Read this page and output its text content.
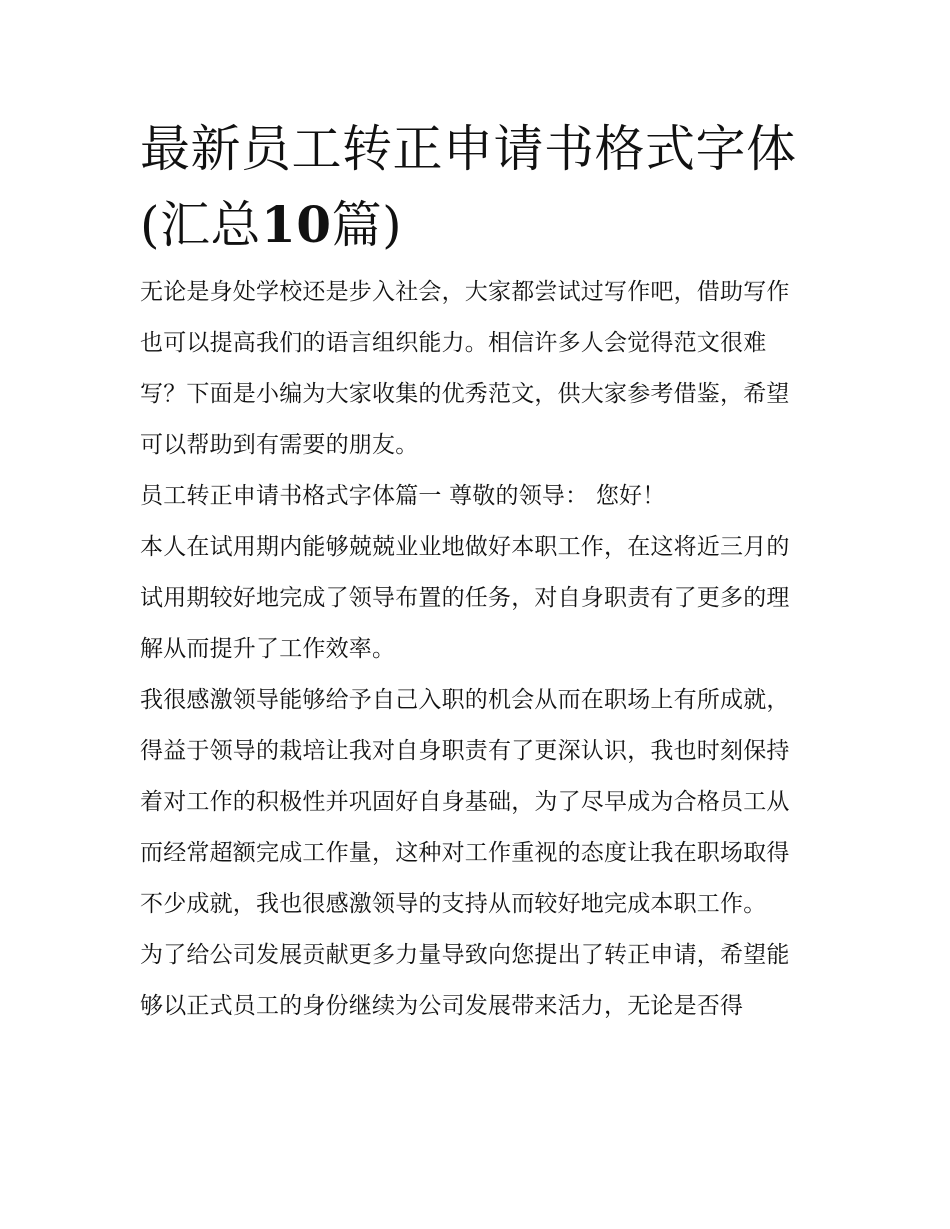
最新员工转正申请书格式字体(汇总10篇)

无论是身处学校还是步入社会，大家都尝试过写作吧，借助写作也可以提高我们的语言组织能力。相信许多人会觉得范文很难写？下面是小编为大家收集的优秀范文，供大家参考借鉴，希望可以帮助到有需要的朋友。

员工转正申请书格式字体篇一 尊敬的领导： 您好！

本人在试用期内能够兢兢业业地做好本职工作，在这将近三月的试用期较好地完成了领导布置的任务，对自身职责有了更多的理解从而提升了工作效率。

我很感激领导能够给予自己入职的机会从而在职场上有所成就，得益于领导的栽培让我对自身职责有了更深认识，我也时刻保持着对工作的积极性并巩固好自身基础，为了尽早成为合格员工从而经常超额完成工作量，这种对工作重视的态度让我在职场取得不少成就，我也很感激领导的支持从而较好地完成本职工作。

为了给公司发展贡献更多力量导致向您提出了转正申请，希望能够以正式员工的身份继续为公司发展带来活力，无论是否得
